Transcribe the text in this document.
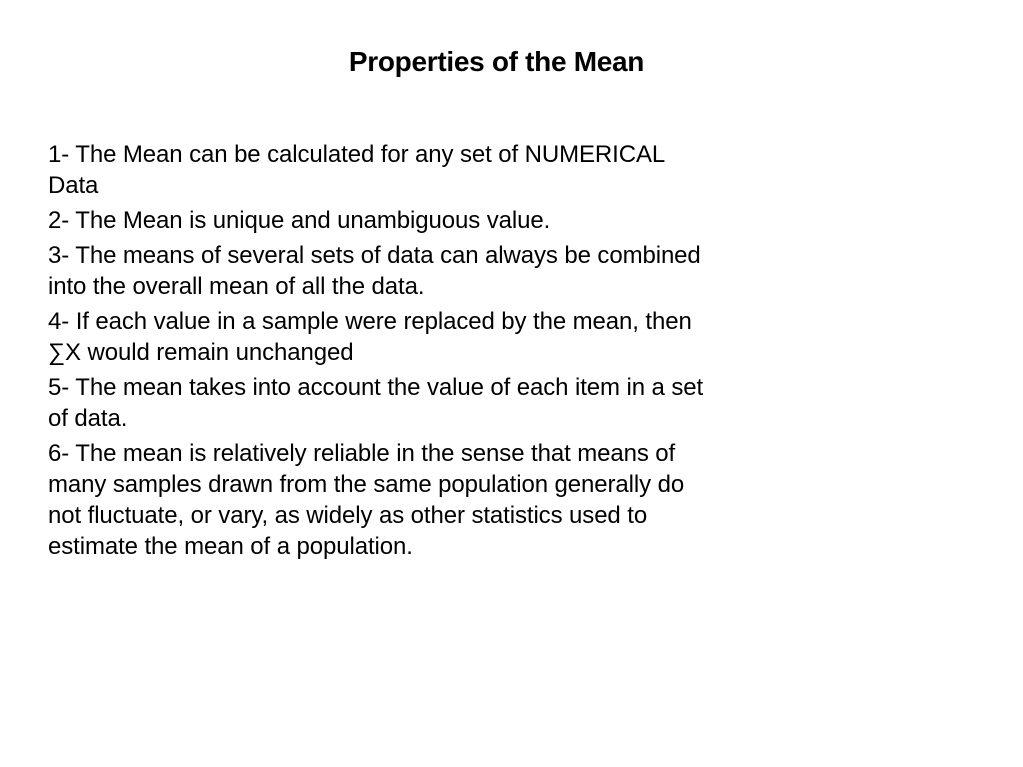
Properties of the Mean
1- The Mean can be calculated for any set of NUMERICAL Data
2- The Mean is unique and unambiguous value.
3- The means of several sets of data can always be combined into the overall mean of all the data.
4- If each value in a sample were replaced by the mean, then ∑X would remain unchanged
5- The mean takes into account the value of each item in a set of data.
6- The mean is relatively reliable in the sense that means of many samples drawn from the same population generally do not fluctuate, or vary, as widely as other statistics used to estimate the mean of a population.
